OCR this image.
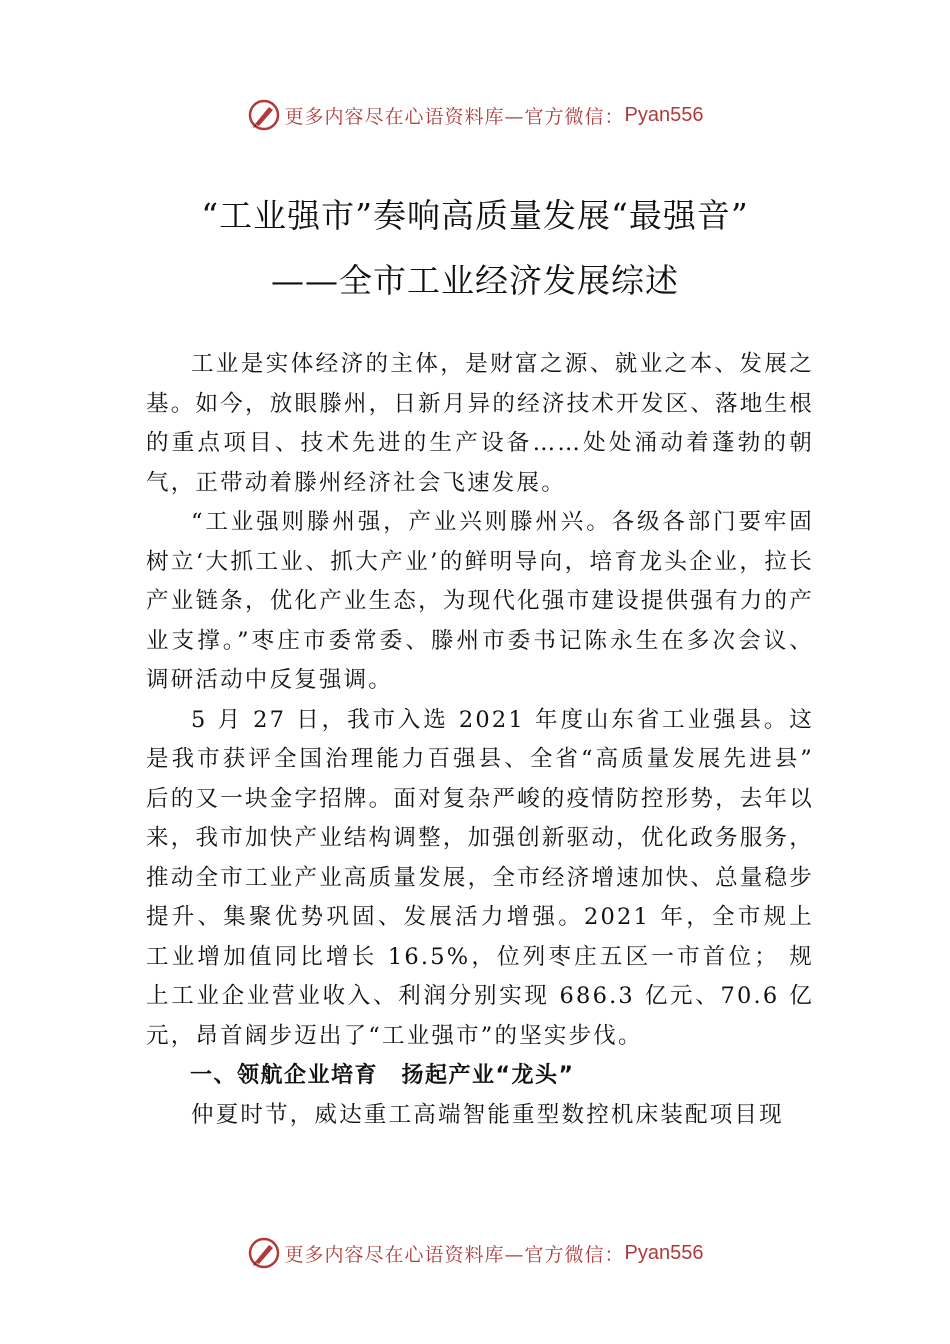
更多内容尽在心语资料库—官方微信： Pyan556
“工业强市”奏响高质量发展“最强音”
——全市工业经济发展综述

工业是实体经济的主体，是财富之源、就业之本、发展之基。如今，放眼滕州，日新月异的经济技术开发区、落地生根的重点项目、技术先进的生产设备……处处涌动着蓬勃的朝气，正带动着滕州经济社会飞速发展。

“工业强则滕州强，产业兴则滕州兴。各级各部门要牢固树立‘大抓工业、抓大产业’的鲜明导向，培育龙头企业，拉长产业链条，优化产业生态，为现代化强市建设提供强有力的产业支撑。”枣庄市委常委、滕州市委书记陈永生在多次会议、调研活动中反复强调。

5 月 27 日，我市入选 2021 年度山东省工业强县。这是我市获评全国治理能力百强县、全省“高质量发展先进县” 后的又一块金字招牌。面对复杂严峻的疫情防控形势，去年以来，我市加快产业结构调整，加强创新驱动，优化政务服务，推动全市工业产业高质量发展，全市经济增速加快、总量稳步提升、集聚优势巩固、发展活力增强。2021 年，全市规上工业增加值同比增长 16.5%，位列枣庄五区一市首位； 规上工业企业营业收入、利润分别实现 686.3 亿元、70.6 亿元，昂首阔步迈出了“工业强市”的坚实步伐。

一、领航企业培育　扬起产业“龙头”

仲夏时节，威达重工高端智能重型数控机床装配项目现

更多内容尽在心语资料库—官方微信： Pyan556
